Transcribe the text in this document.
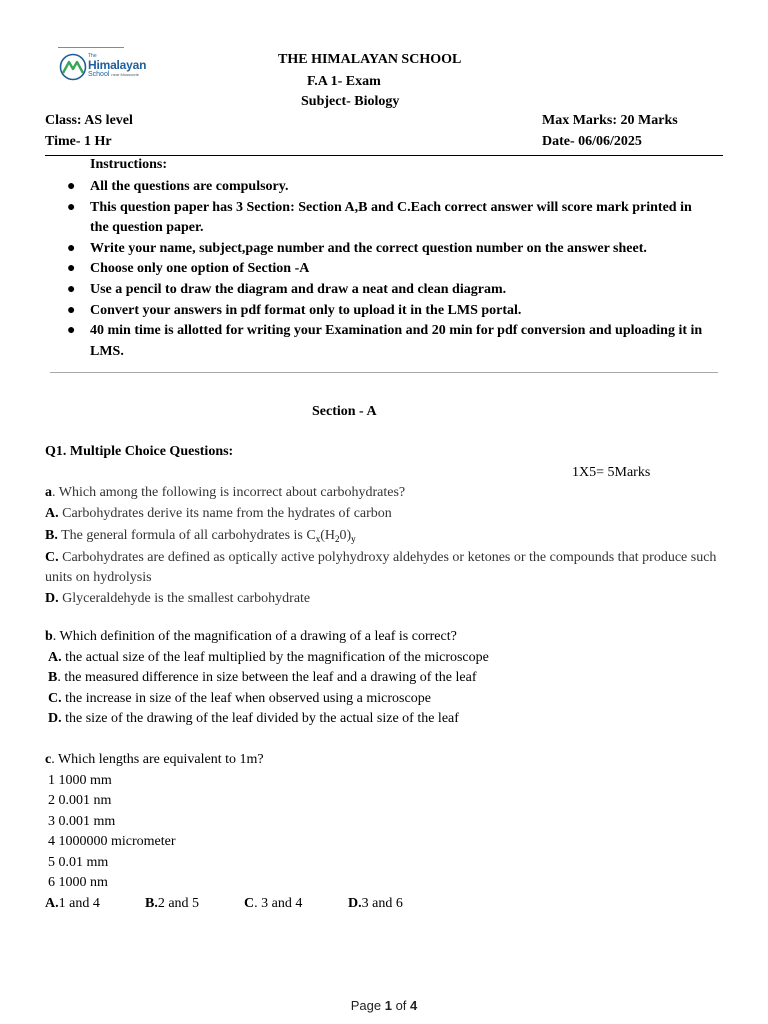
The
Himalayan
School near Mussoorie
THE HIMALAYAN SCHOOL
F.A 1- Exam
Subject- Biology
Class: AS level
Time- 1 Hr
Max Marks: 20 Marks
Date- 06/06/2025
Instructions:
●	All the questions are compulsory.
●	This question paper has 3 Section: Section A,B and C.Each correct answer will score mark printed in the question paper.
●	Write your name, subject,page number and the correct question number on the answer sheet.
●	Choose only one option of Section -A
●	Use a pencil to draw the diagram and draw a neat and clean diagram.
●	Convert your answers in pdf format only to upload it in the LMS portal.
●	40 min time is allotted for writing your Examination and 20 min for pdf conversion and uploading it in LMS.
Section - A
Q1. Multiple Choice Questions:
1X5= 5Marks
a. Which among the following is incorrect about carbohydrates?
A. Carbohydrates derive its name from the hydrates of carbon
B. The general formula of all carbohydrates is $C_x(H_20)_y$
C. Carbohydrates are defined as optically active polyhydroxy aldehydes or ketones or the compounds that produce such units on hydrolysis
D. Glyceraldehyde is the smallest carbohydrate
b. Which definition of the magnification of a drawing of a leaf is correct?
A. the actual size of the leaf multiplied by the magnification of the microscope
B. the measured difference in size between the leaf and a drawing of the leaf
C. the increase in size of the leaf when observed using a microscope
D. the size of the drawing of the leaf divided by the actual size of the leaf
c. Which lengths are equivalent to 1m?
1 1000 mm
2 0.001 nm
3 0.001 mm
4 1000000 micrometer
5 0.01 mm
6 1000 nm
A.1 and 4	B.2 and 5	C. 3 and 4	D.3 and 6
Page 1 of 4
